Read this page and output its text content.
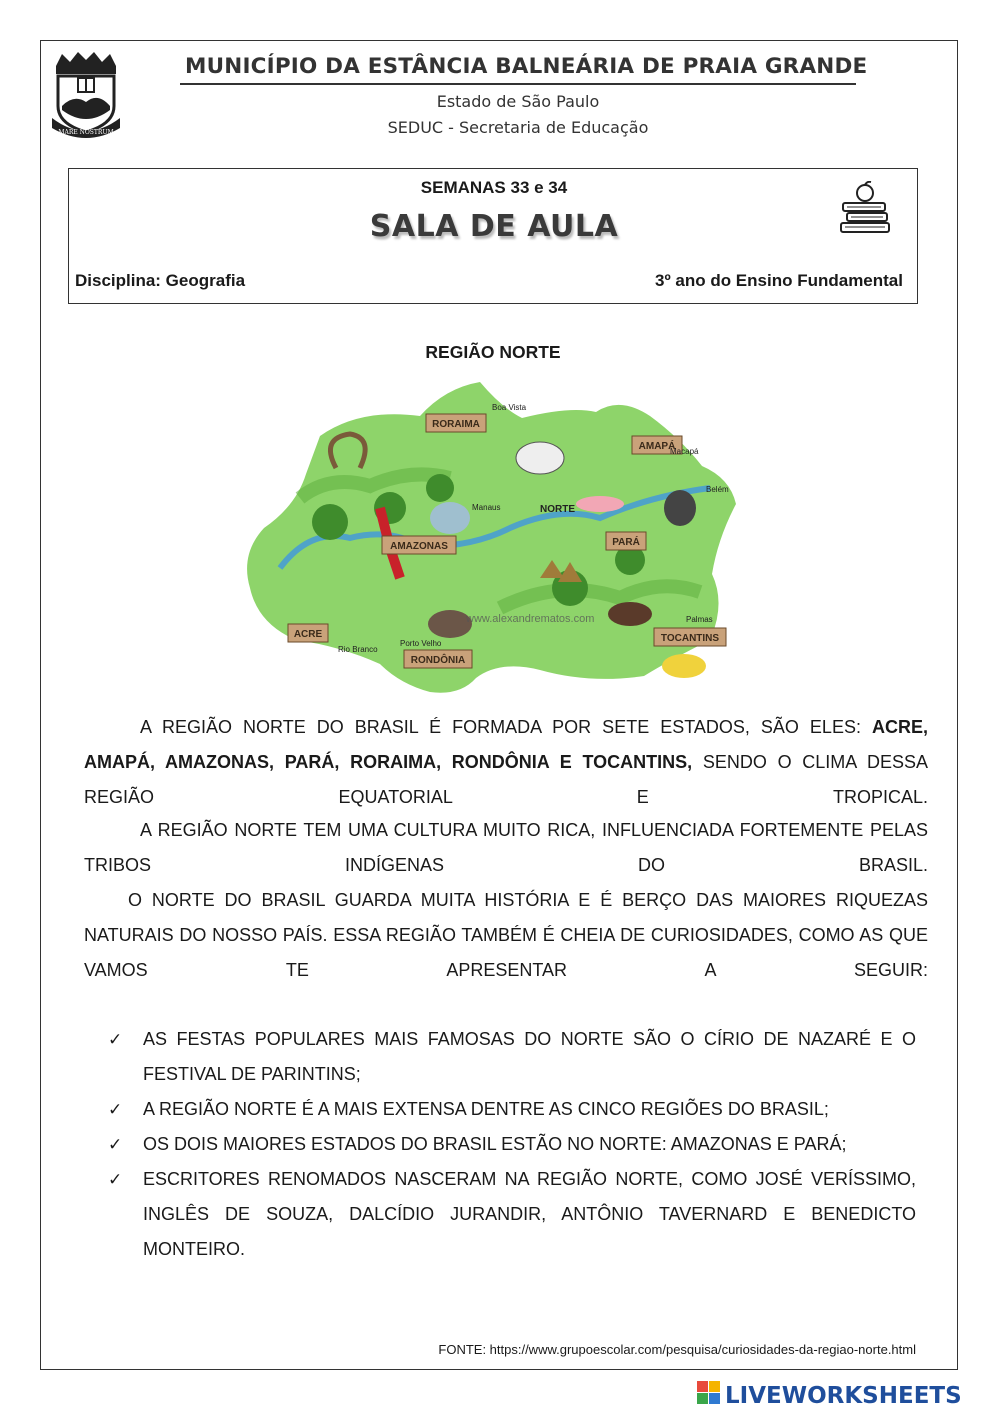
MARE NOSTRUM
MUNICÍPIO DA ESTÂNCIA BALNEÁRIA DE PRAIA GRANDE
Estado de São Paulo
SEDUC - Secretaria de Educação
SEMANAS 33 e 34
SALA DE AULA
Disciplina: Geografia	3º ano do Ensino Fundamental
REGIÃO NORTE
RORAIMA
AMAPÁ
AMAZONAS	PARÁ
ACRE
RONDÔNIA
TOCANTINS
Boa Vista
Macapá
Manaus
Belém
Palmas
Porto Velho
Rio Branco
NORTE
www.alexandrematos.com
A REGIÃO NORTE DO BRASIL É FORMADA POR SETE ESTADOS, SÃO ELES: ACRE, AMAPÁ, AMAZONAS, PARÁ, RORAIMA, RONDÔNIA E TOCANTINS, SENDO O CLIMA DESSA REGIÃO EQUATORIAL E TROPICAL.
A REGIÃO NORTE TEM UMA CULTURA MUITO RICA, INFLUENCIADA FORTEMENTE PELAS TRIBOS INDÍGENAS DO BRASIL.
O NORTE DO BRASIL GUARDA MUITA HISTÓRIA E É BERÇO DAS MAIORES RIQUEZAS NATURAIS DO NOSSO PAÍS. ESSA REGIÃO TAMBÉM É CHEIA DE CURIOSIDADES, COMO AS QUE VAMOS TE APRESENTAR A SEGUIR:
✓ AS FESTAS POPULARES MAIS FAMOSAS DO NORTE SÃO O CÍRIO DE NAZARÉ E O FESTIVAL DE PARINTINS;
✓ A REGIÃO NORTE É A MAIS EXTENSA DENTRE AS CINCO REGIÕES DO BRASIL;
✓ OS DOIS MAIORES ESTADOS DO BRASIL ESTÃO NO NORTE: AMAZONAS E PARÁ;
✓ ESCRITORES RENOMADOS NASCERAM NA REGIÃO NORTE, COMO JOSÉ VERÍSSIMO, INGLÊS DE SOUZA, DALCÍDIO JURANDIR, ANTÔNIO TAVERNARD E BENEDICTO MONTEIRO.
FONTE: https://www.grupoescolar.com/pesquisa/curiosidades-da-regiao-norte.html
LIVEWORKSHEETS
